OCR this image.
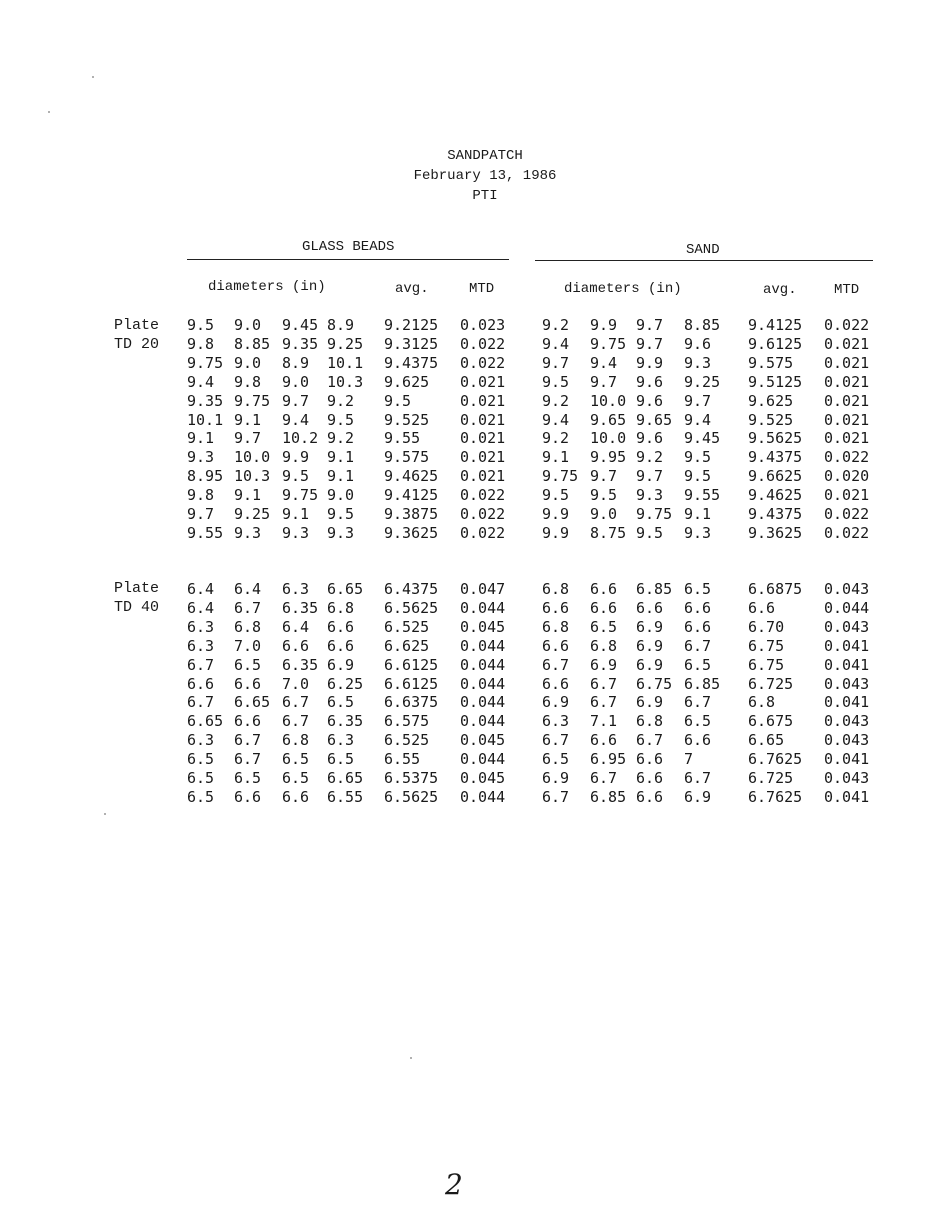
SANDPATCH
February 13, 1986
PTI
GLASS BEADS	SAND
diameters (in)	avg.	MTD	diameters (in)	avg.	MTD
Plate
TD 20
9.5 9.0 9.45 8.9 9.2125 0.023 9.2 9.9 9.7 8.85 9.4125 0.022
9.8 8.85 9.35 9.25 9.3125 0.022 9.4 9.75 9.7 9.6 9.6125 0.021
9.75 9.0 8.9 10.1 9.4375 0.022 9.7 9.4 9.9 9.3 9.575 0.021
9.4 9.8 9.0 10.3 9.625 0.021 9.5 9.7 9.6 9.25 9.5125 0.021
9.35 9.75 9.7 9.2 9.5	0.021 9.2 10.0 9.6 9.7 9.625 0.021
10.1 9.1 9.4 9.5 9.525 0.021 9.4 9.65 9.65 9.4 9.525 0.021
9.1 9.7 10.2 9.2 9.55	0.021 9.2 10.0 9.6 9.45 9.5625 0.021
9.3 10.0 9.9 9.1 9.575 0.021 9.1 9.95 9.2 9.5 9.4375 0.022
8.95 10.3 9.5 9.1 9.4625 0.021 9.75 9.7 9.7 9.5 9.6625 0.020
9.8 9.1 9.75 9.0 9.4125 0.022 9.5 9.5 9.3 9.55 9.4625 0.021
9.7 9.25 9.1 9.5 9.3875 0.022 9.9 9.0 9.75 9.1 9.4375 0.022
9.55 9.3 9.3 9.3 9.3625 0.022 9.9 8.75 9.5 9.3 9.3625 0.022
Plate
TD 40
6.4 6.4 6.3 6.65 6.4375 0.047 6.8 6.6 6.85 6.5 6.6875 0.043
6.4 6.7 6.35 6.8 6.5625 0.044 6.6 6.6 6.6 6.6 6.6	0.044
6.3 6.8 6.4 6.6 6.525 0.045 6.8 6.5 6.9 6.6 6.70	0.043
6.3 7.0 6.6 6.6 6.625 0.044 6.6 6.8 6.9 6.7 6.75	0.041
6.7 6.5 6.35 6.9 6.6125 0.044 6.7 6.9 6.9 6.5 6.75	0.041
6.6 6.6 7.0 6.25 6.6125 0.044 6.6 6.7 6.75 6.85 6.725 0.043
6.7 6.65 6.7 6.5 6.6375 0.044 6.9 6.7 6.9 6.7 6.8	0.041
6.65 6.6 6.7 6.35 6.575 0.044 6.3 7.1 6.8 6.5 6.675 0.043
6.3 6.7 6.8 6.3 6.525 0.045 6.7 6.6 6.7 6.6 6.65	0.043
6.5 6.7 6.5 6.5 6.55	0.044 6.5 6.95 6.6 7	6.7625 0.041
6.5 6.5 6.5 6.65 6.5375 0.045 6.9 6.7 6.6 6.7 6.725 0.043
6.5 6.6 6.6 6.55 6.5625 0.044 6.7 6.85 6.6 6.9 6.7625 0.041
2
